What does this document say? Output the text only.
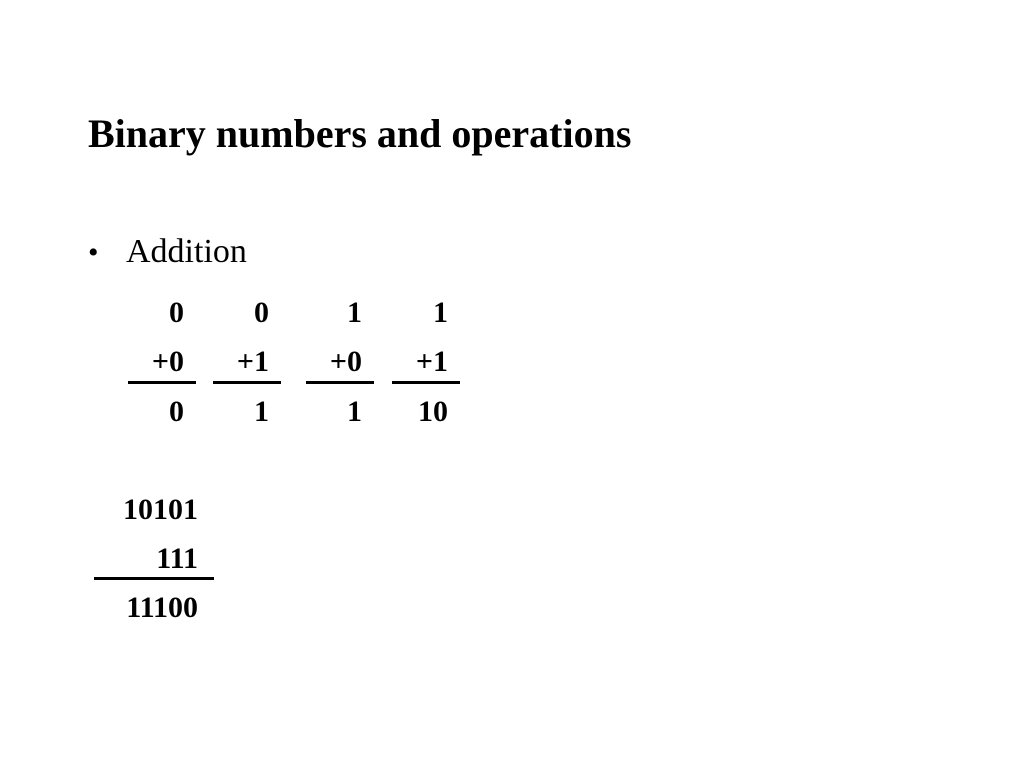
Binary numbers and operations
• Addition
0
+0
0
0
+1
1
1
+0
1
1
+1
10
10101
111
11100
